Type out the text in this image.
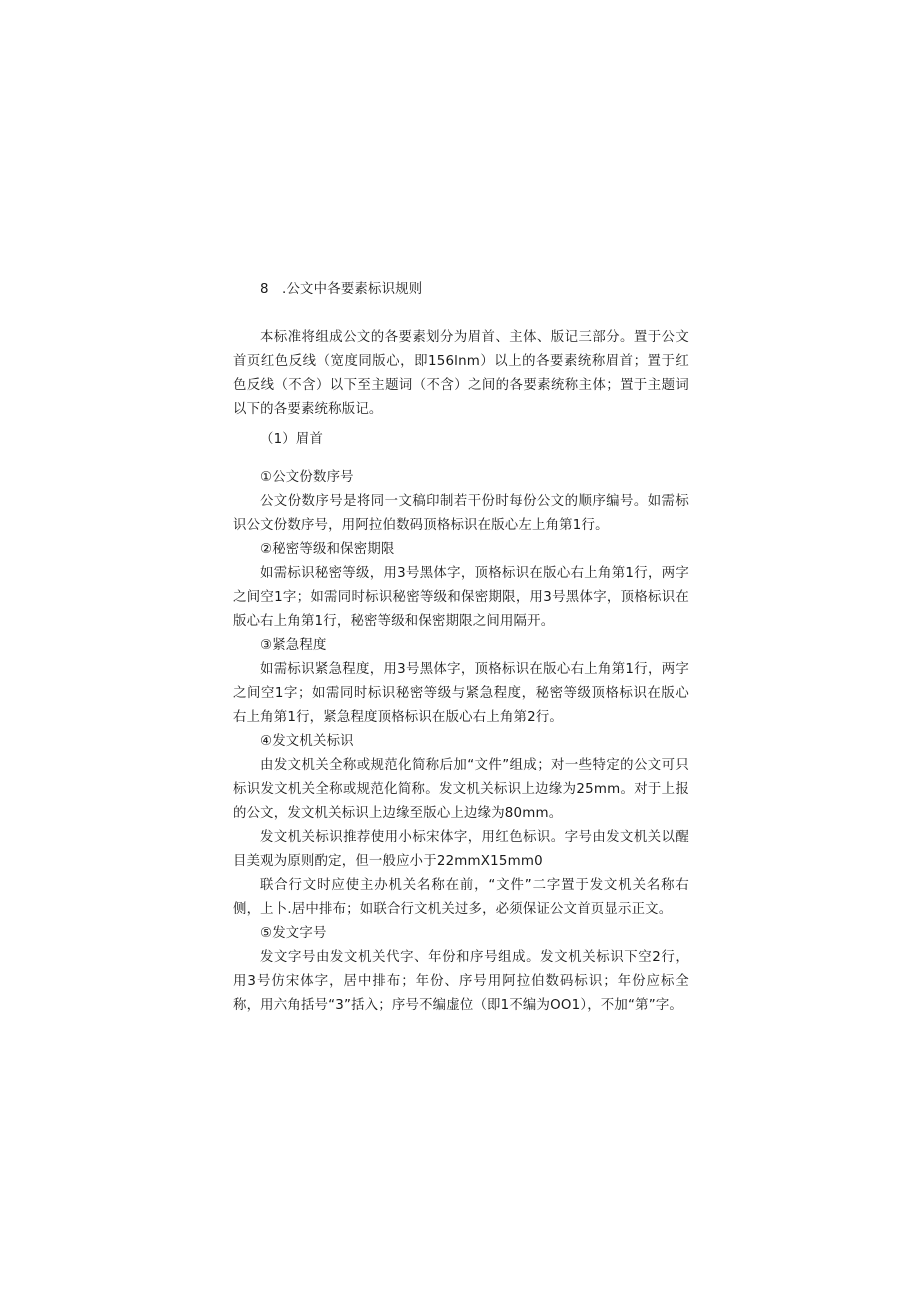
8 .公文中各要素标识规则

本标准将组成公文的各要素划分为眉首、主体、版记三部分。置于公文首页红色反线（宽度同版心，即156lnm）以上的各要素统称眉首；置于红色反线（不含）以下至主题词（不含）之间的各要素统称主体；置于主题词以下的各要素统称版记。

（1）眉首

①公文份数序号

公文份数序号是将同一文稿印制若干份时每份公文的顺序编号。如需标识公文份数序号，用阿拉伯数码顶格标识在版心左上角第1行。

②秘密等级和保密期限

如需标识秘密等级，用3号黑体字，顶格标识在版心右上角第1行，两字之间空1字；如需同时标识秘密等级和保密期限，用3号黑体字，顶格标识在版心右上角第1行，秘密等级和保密期限之间用隔开。

③紧急程度

如需标识紧急程度，用3号黑体字，顶格标识在版心右上角第1行，两字之间空1字；如需同时标识秘密等级与紧急程度，秘密等级顶格标识在版心右上角第1行，紧急程度顶格标识在版心右上角第2行。

④发文机关标识

由发文机关全称或规范化简称后加“文件”组成；对一些特定的公文可只标识发文机关全称或规范化简称。发文机关标识上边缘为25mm。对于上报的公文，发文机关标识上边缘至版心上边缘为80mm。

发文机关标识推荐使用小标宋体字，用红色标识。字号由发文机关以醒目美观为原则酌定，但一般应小于22mmX15mm0

联合行文时应使主办机关名称在前，“文件”二字置于发文机关名称右侧，上卜.居中排布；如联合行文机关过多，必须保证公文首页显示正文。

⑤发文字号

发文字号由发文机关代字、年份和序号组成。发文机关标识下空2行，用3号仿宋体字，居中排布；年份、序号用阿拉伯数码标识；年份应标全称，用六角括号“3”括入；序号不编虚位（即1不编为OO1），不加“第”字。
